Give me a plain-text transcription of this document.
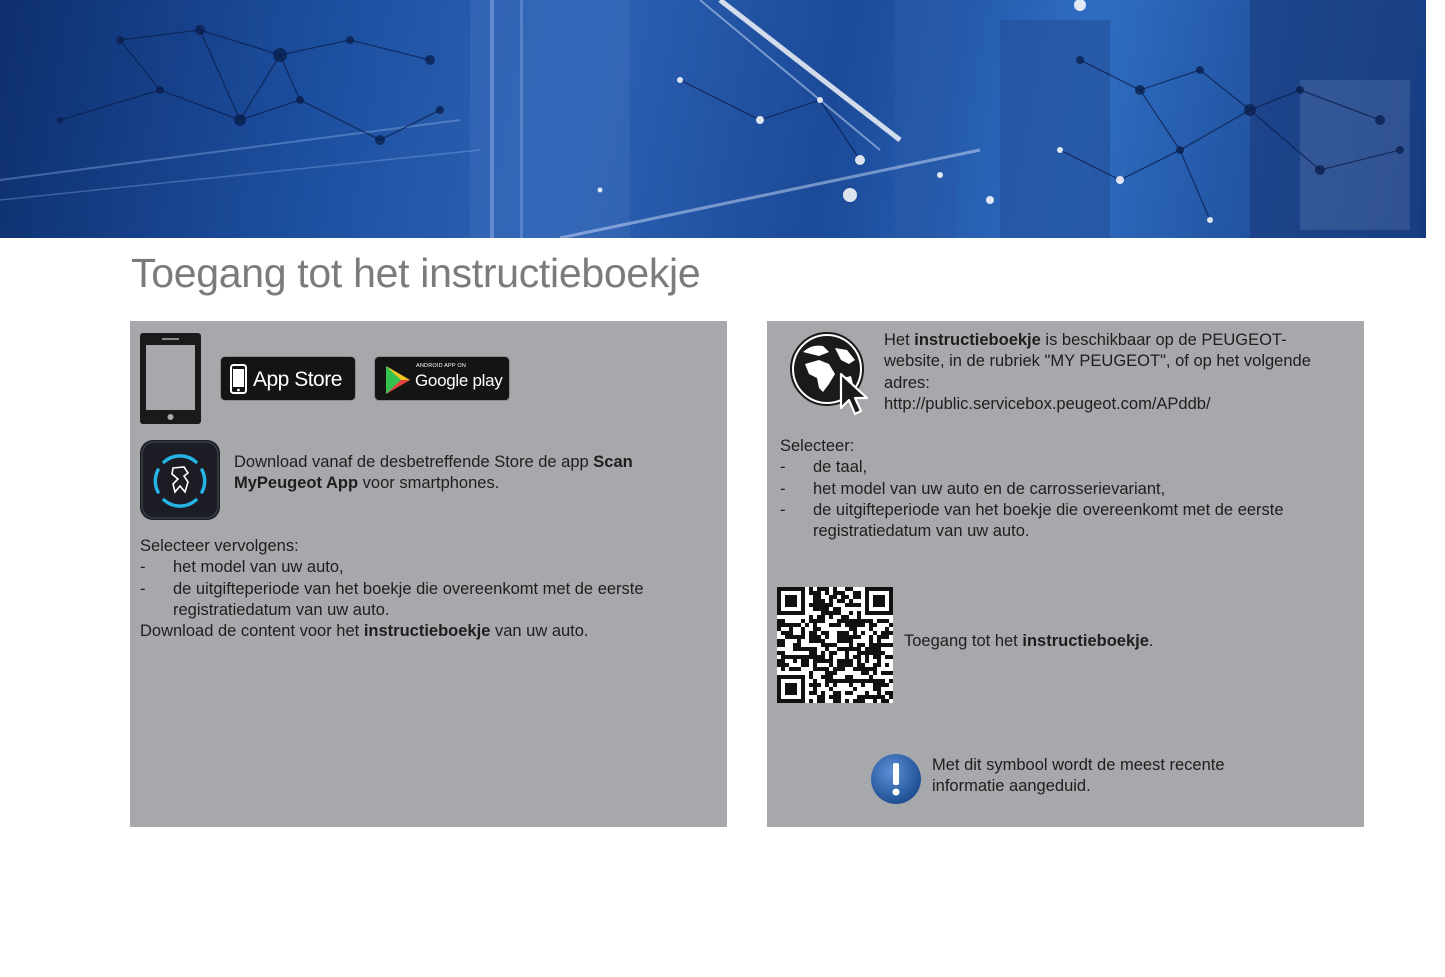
Toegang tot het instructieboekje
App Store
ANDROID APP ON
Google play

Download vanaf de desbetreffende Store de app Scan MyPeugeot App voor smartphones.

Selecteer vervolgens:
- het model van uw auto,
- de uitgifteperiode van het boekje die overeenkomt met de eerste registratiedatum van uw auto.
Download de content voor het instructieboekje van uw auto.

Het instructieboekje is beschikbaar op de PEUGEOT-website, in de rubriek "MY PEUGEOT", of op het volgende adres:
http://public.servicebox.peugeot.com/APddb/

Selecteer:
- de taal,
- het model van uw auto en de carrosserievariant,
- de uitgifteperiode van het boekje die overeenkomt met de eerste registratiedatum van uw auto.

Toegang tot het instructieboekje.

Met dit symbool wordt de meest recente informatie aangeduid.
